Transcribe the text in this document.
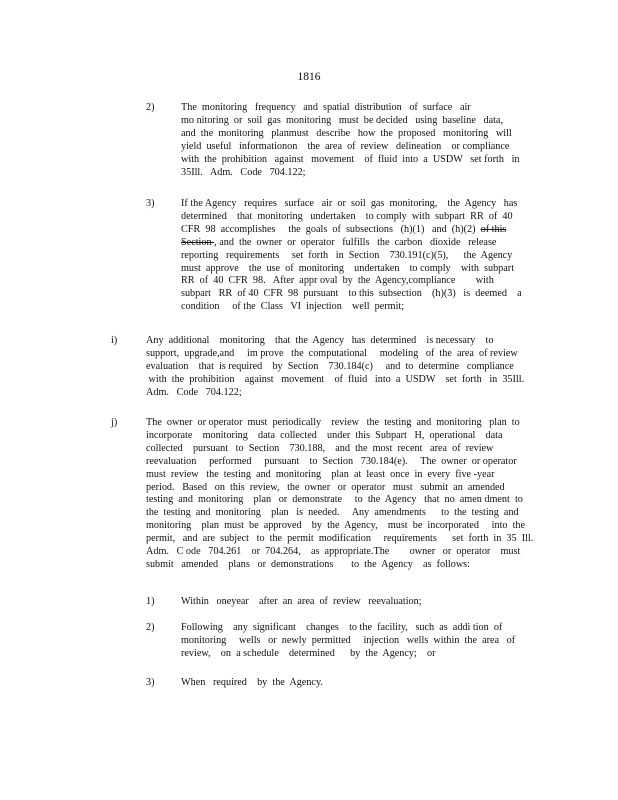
1816
2)	The  monitoring   frequency   and  spatial  distribution   of  surface   air
mo nitoring  or  soil  gas  monitoring   must  be decided   using  baseline   data,
and  the  monitoring   planmust   describe   how  the  proposed   monitoring   will
yield  useful   informationon    the  area  of  review   delineation    or compliance
with  the  prohibition   against   movement    of  fluid  into  a  USDW   set forth   in
35Ill.   Adm.   Code   704.122;
3)	If the Agency   requires   surface   air  or  soil  gas  monitoring,    the  Agency   has
determined    that  monitoring   undertaken    to comply  with  subpart  RR  of  40
CFR  98  accomplishes     the  goals  of  subsections   (h)(1)   and  (h)(2)  of this
Section , and  the  owner  or  operator   fulfills   the  carbon   dioxide   release
reporting   requirements     set  forth   in  Section    730.191(c)(5),      the  Agency
must  approve    the  use  of  monitoring    undertaken    to comply    with  subpart
RR  of  40  CFR  98.   After  appr oval  by  the  Agency,compliance        with
subpart   RR  of 40  CFR  98  pursuant    to this  subsection    (h)(3)   is  deemed    a
condition     of the  Class   VI  injection    well  permit;
i)	Any  additional    monitoring    that  the  Agency   has  determined    is necessary    to
support,  upgrade,and     im prove   the  computational     modeling   of  the  area  of review
evaluation    that  is required    by  Section    730.184(c)     and  to  determine   compliance
with  the  prohibition    against   movement    of  fluid   into  a  USDW    set  forth   in  35Ill.
Adm.   Code   704.122;
j)	The  owner  or operator  must  periodically    review   the  testing  and  monitoring   plan  to
incorporate    monitoring    data  collected    under  this  Subpart   H,  operational    data
collected    pursuant   to  Section    730.188,    and  the  most  recent   area  of  review
reevaluation     performed     pursuant    to  Section   730.184(e).     The  owner  or operator
must  review   the  testing  and  monitoring    plan  at  least  once  in  every  five -year
period.   Based   on  this  review,   the  owner   or  operator   must   submit  an  amended
testing  and  monitoring    plan   or  demonstrate     to  the  Agency   that  no  amen dment  to
the  testing  and  monitoring    plan   is  needed.     Any  amendments      to  the  testing  and
monitoring    plan  must  be  approved    by  the  Agency,    must  be  incorporated     into  the
permit,   and  are  subject   to  the  permit  modification     requirements      set  forth  in  35  Ill.
Adm.   C ode   704.261    or  704.264,    as  appropriate.The        owner   or  operator    must
submit   amended    plans   or  demonstrations       to  the  Agency    as  follows:
1)	Within   oneyear    after  an  area  of  review   reevaluation;
2)	Following    any  significant    changes    to the  facility,   such  as  addi tion  of
monitoring     wells   or  newly  permitted     injection   wells  within  the  area   of
review,    on  a schedule    determined      by  the  Agency;    or
3)	When   required    by  the  Agency.
